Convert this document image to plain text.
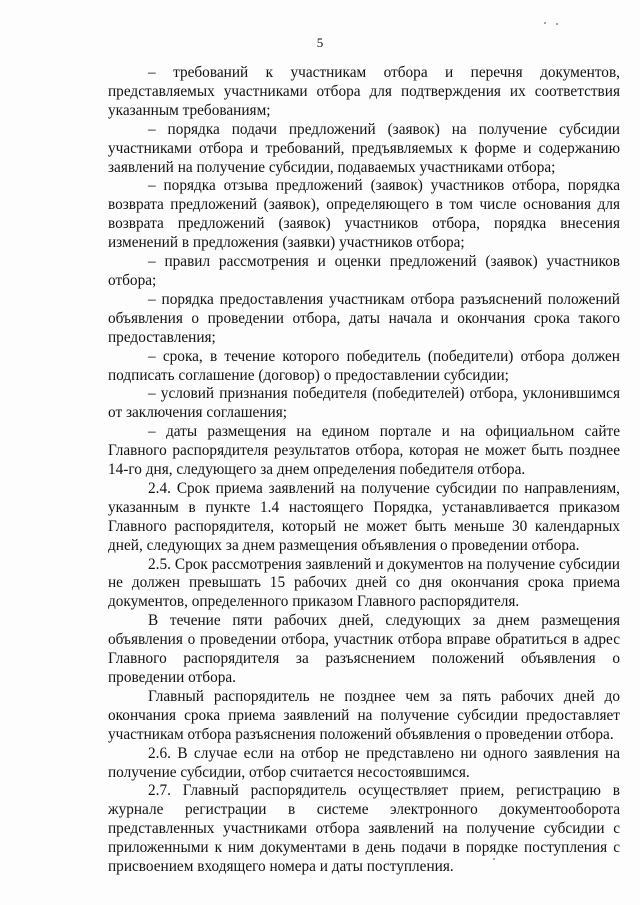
5

– требований к участникам отбора и перечня документов, представляемых участниками отбора для подтверждения их соответствия указанным требованиям;

– порядка подачи предложений (заявок) на получение субсидии участниками отбора и требований, предъявляемых к форме и содержанию заявлений на получение субсидии, подаваемых участниками отбора;

– порядка отзыва предложений (заявок) участников отбора, порядка возврата предложений (заявок), определяющего в том числе основания для возврата предложений (заявок) участников отбора, порядка внесения изменений в предложения (заявки) участников отбора;

– правил рассмотрения и оценки предложений (заявок) участников отбора;

– порядка предоставления участникам отбора разъяснений положений объявления о проведении отбора, даты начала и окончания срока такого предоставления;

– срока, в течение которого победитель (победители) отбора должен подписать соглашение (договор) о предоставлении субсидии;

– условий признания победителя (победителей) отбора, уклонившимся от заключения соглашения;

– даты размещения на едином портале и на официальном сайте Главного распорядителя результатов отбора, которая не может быть позднее 14-го дня, следующего за днем определения победителя отбора.

2.4. Срок приема заявлений на получение субсидии по направлениям, указанным в пункте 1.4 настоящего Порядка, устанавливается приказом Главного распорядителя, который не может быть меньше 30 календарных дней, следующих за днем размещения объявления о проведении отбора.

2.5. Срок рассмотрения заявлений и документов на получение субсидии не должен превышать 15 рабочих дней со дня окончания срока приема документов, определенного приказом Главного распорядителя.

В течение пяти рабочих дней, следующих за днем размещения объявления о проведении отбора, участник отбора вправе обратиться в адрес Главного распорядителя за разъяснением положений объявления о проведении отбора.

Главный распорядитель не позднее чем за пять рабочих дней до окончания срока приема заявлений на получение субсидии предоставляет участникам отбора разъяснения положений объявления о проведении отбора.

2.6. В случае если на отбор не представлено ни одного заявления на получение субсидии, отбор считается несостоявшимся.

2.7. Главный распорядитель осуществляет прием, регистрацию в журнале регистрации в системе электронного документооборота представленных участниками отбора заявлений на получение субсидии с приложенными к ним документами в день подачи в порядке поступления с присвоением входящего номера и даты поступления.
